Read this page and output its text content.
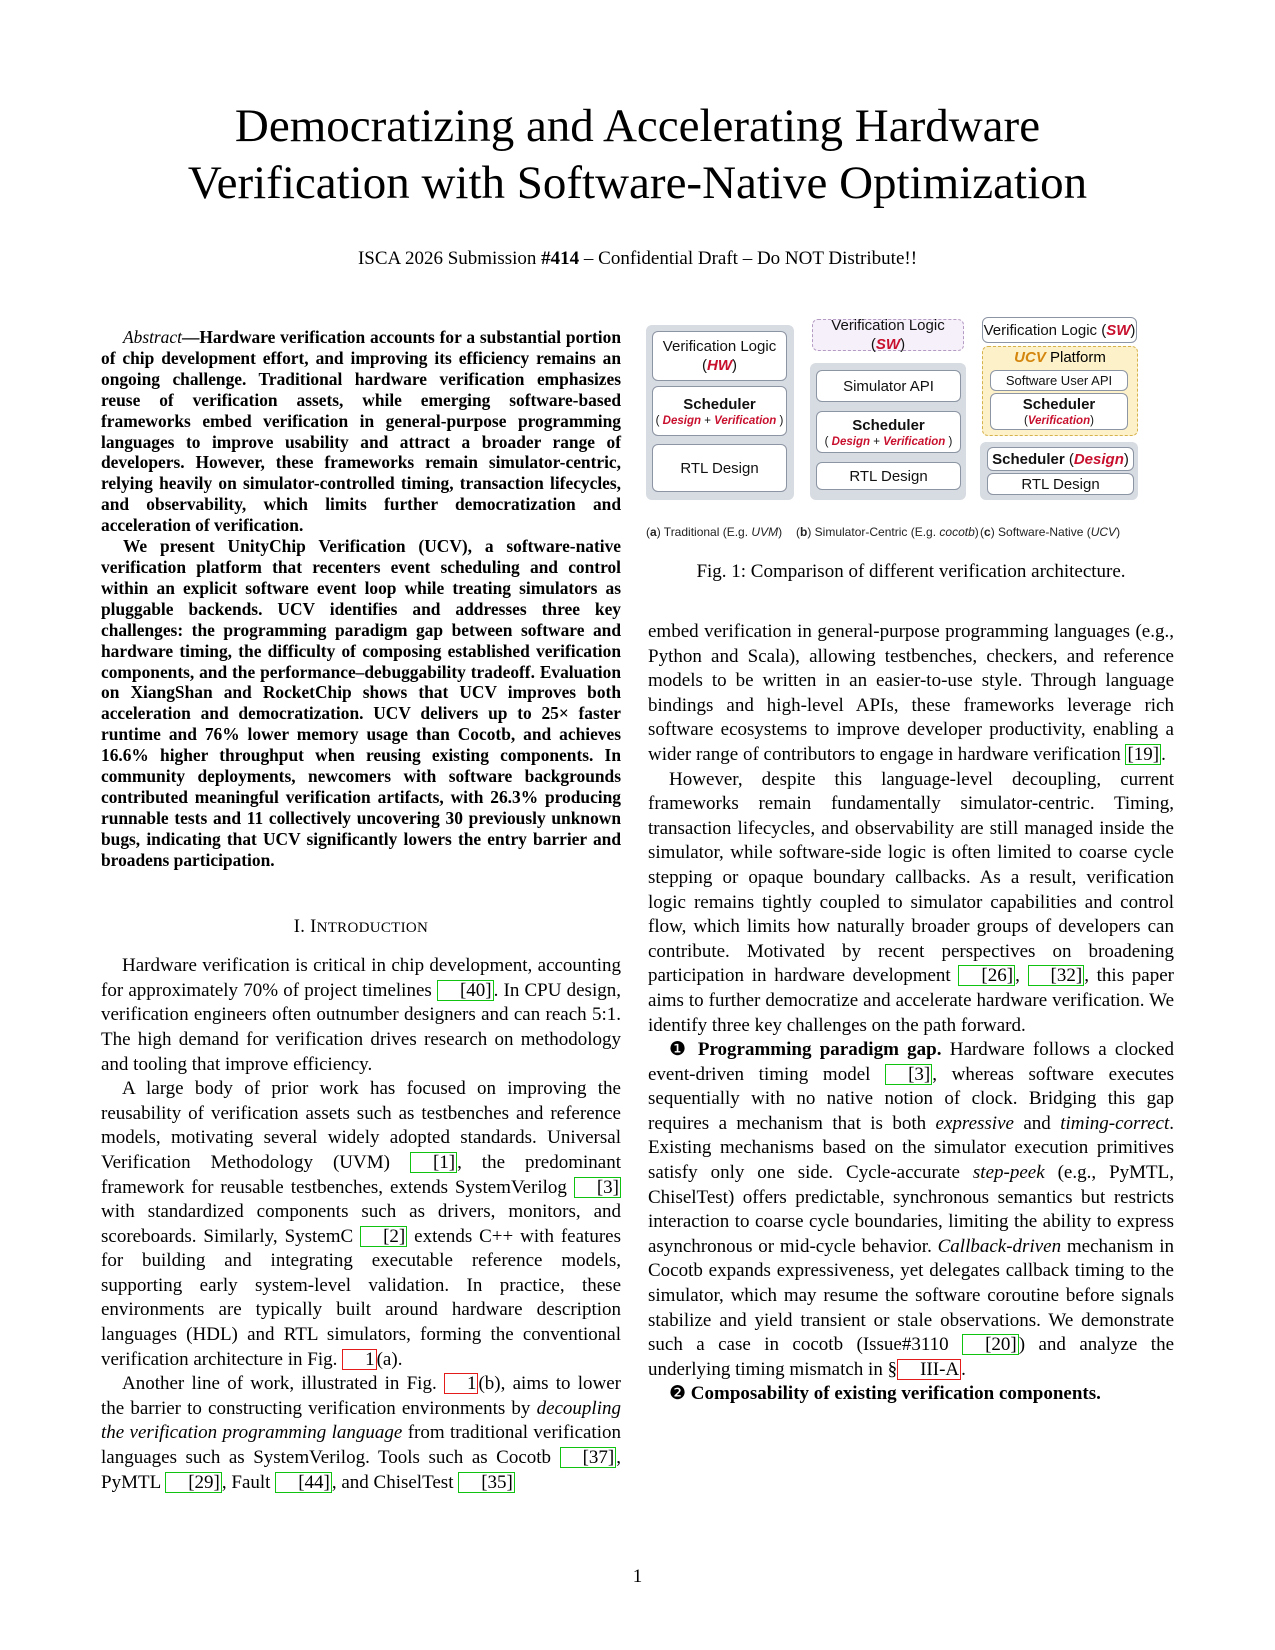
Democratizing and Accelerating Hardware
Verification with Software-Native Optimization
ISCA 2026 Submission #414 – Confidential Draft – Do NOT Distribute!!

Abstract—Hardware verification accounts for a substantial portion of chip development effort, and improving its efficiency remains an ongoing challenge. Traditional hardware verification emphasizes reuse of verification assets, while emerging software-based frameworks embed verification in general-purpose programming languages to improve usability and attract a broader range of developers. However, these frameworks remain simulator-centric, relying heavily on simulator-controlled timing, transaction lifecycles, and observability, which limits further democratization and acceleration of verification.

We present UnityChip Verification (UCV), a software-native verification platform that recenters event scheduling and control within an explicit software event loop while treating simulators as pluggable backends. UCV identifies and addresses three key challenges: the programming paradigm gap between software and hardware timing, the difficulty of composing established verification components, and the performance–debuggability tradeoff. Evaluation on XiangShan and RocketChip shows that UCV improves both acceleration and democratization. UCV delivers up to 25× faster runtime and 76% lower memory usage than Cocotb, and achieves 16.6% higher throughput when reusing existing components. In community deployments, newcomers with software backgrounds contributed meaningful verification artifacts, with 26.3% producing runnable tests and 11 collectively uncovering 30 previously unknown bugs, indicating that UCV significantly lowers the entry barrier and broadens participation.

I. INTRODUCTION

Hardware verification is critical in chip development, accounting for approximately 70% of project timelines [40] . In CPU design, verification engineers often outnumber designers and can reach 5:1. The high demand for verification drives research on methodology and tooling that improve efficiency.

A large body of prior work has focused on improving the reusability of verification assets such as testbenches and reference models, motivating several widely adopted standards. Universal Verification Methodology (UVM) [1] , the predominant framework for reusable testbenches, extends SystemVerilog [3] with standardized components such as drivers, monitors, and scoreboards. Similarly, SystemC [2] extends C++ with features for building and integrating executable reference models, supporting early system-level validation. In practice, these environments are typically built around hardware description languages (HDL) and RTL simulators, forming the conventional verification architecture in Fig. 1 (a).

Another line of work, illustrated in Fig. 1 (b), aims to lower the barrier to constructing verification environments by decoupling the verification programming language from traditional verification languages such as SystemVerilog. Tools such as Cocotb [37] , PyMTL [29] , Fault [44] , and ChiselTest [35]

Verification Logic
(HW)
Scheduler
( Design + Verification )
RTL Design
Verification Logic (SW)
Simulator API
Scheduler
( Design + Verification )
RTL Design
Verification Logic (SW)
UCV Platform
Software User API
Scheduler
(Verification)
Scheduler (Design)
RTL Design
(a) Traditional (E.g. UVM) (b) Simulator-Centric (E.g. cocotb) (c) Software-Native (UCV)
Fig. 1: Comparison of different verification architecture.

embed verification in general-purpose programming languages (e.g., Python and Scala), allowing testbenches, checkers, and reference models to be written in an easier-to-use style. Through language bindings and high-level APIs, these frameworks leverage rich software ecosystems to improve developer productivity, enabling a wider range of contributors to engage in hardware verification [19] .

However, despite this language-level decoupling, current frameworks remain fundamentally simulator-centric. Timing, transaction lifecycles, and observability are still managed inside the simulator, while software-side logic is often limited to coarse cycle stepping or opaque boundary callbacks. As a result, verification logic remains tightly coupled to simulator capabilities and control flow, which limits how naturally broader groups of developers can contribute. Motivated by recent perspectives on broadening participation in hardware development [26] , [32] , this paper aims to further democratize and accelerate hardware verification. We identify three key challenges on the path forward.

❶ Programming paradigm gap. Hardware follows a clocked event-driven timing model [3] , whereas software executes sequentially with no native notion of clock. Bridging this gap requires a mechanism that is both expressive and timing-correct. Existing mechanisms based on the simulator execution primitives satisfy only one side. Cycle-accurate step-peek (e.g., PyMTL, ChiselTest) offers predictable, synchronous semantics but restricts interaction to coarse cycle boundaries, limiting the ability to express asynchronous or mid-cycle behavior. Callback-driven mechanism in Cocotb expands expressiveness, yet delegates callback timing to the simulator, which may resume the software coroutine before signals stabilize and yield transient or stale observations. We demonstrate such a case in cocotb (Issue#3110 [20] ) and analyze the underlying timing mismatch in § III-A .

❷ Composability of existing verification components.

1
